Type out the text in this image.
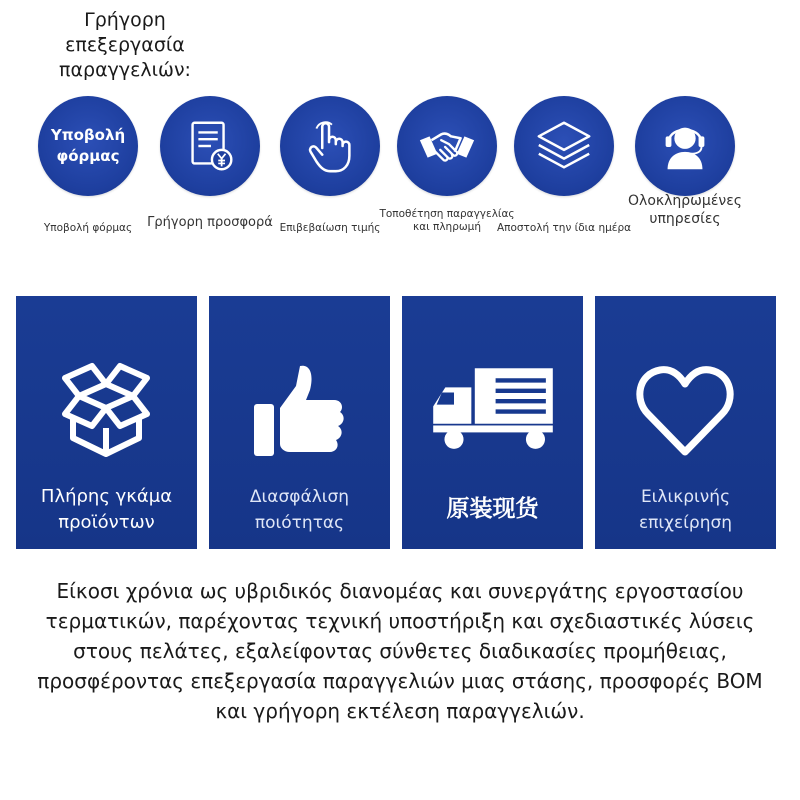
Γρήγορη επεξεργασία παραγγελιών:
Υποβολή φόρμας
Υποβολή φόρμας	Γρήγορη προσφορά Επιβεβαίωση τιμής
Τοποθέτηση παραγγελίας και πληρωμή	Αποστολή την ίδια ημέρα
Ολοκληρωμένες υπηρεσίες
Πλήρης γκάμα προϊόντων
Διασφάλιση ποιότητας
原装现货	Ειλικρινής επιχείρηση
Είκοσι χρόνια ως υβριδικός διανομέας και συνεργάτης εργοστασίου τερματικών, παρέχοντας τεχνική υποστήριξη και σχεδιαστικές λύσεις στους πελάτες, εξαλείφοντας σύνθετες διαδικασίες προμήθειας, προσφέροντας επεξεργασία παραγγελιών μιας στάσης, προσφορές BOM και γρήγορη εκτέλεση παραγγελιών.
